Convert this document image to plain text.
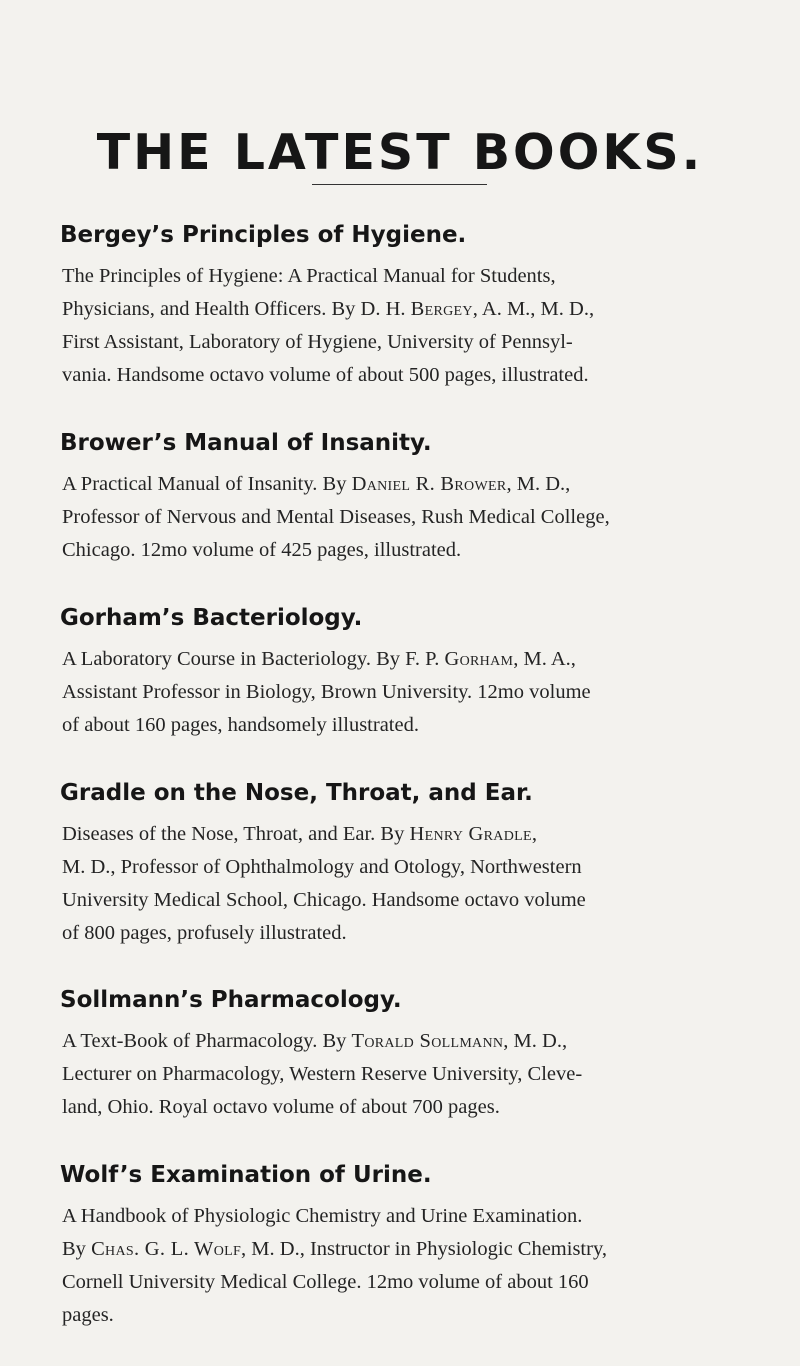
THE LATEST BOOKS.
Bergey’s Principles of Hygiene.

The Principles of Hygiene: A Practical Manual for Students,
Physicians, and Health Officers. By D. H. Bergey, A. M., M. D.,
First Assistant, Laboratory of Hygiene, University of Pennsyl-
vania. Handsome octavo volume of about 500 pages, illustrated.

Brower’s Manual of Insanity.

A Practical Manual of Insanity. By Daniel R. Brower, M. D.,
Professor of Nervous and Mental Diseases, Rush Medical College,
Chicago. 12mo volume of 425 pages, illustrated.

Gorham’s Bacteriology.

A Laboratory Course in Bacteriology. By F. P. Gorham, M. A.,
Assistant Professor in Biology, Brown University. 12mo volume
of about 160 pages, handsomely illustrated.

Gradle on the Nose, Throat, and Ear.

Diseases of the Nose, Throat, and Ear. By Henry Gradle,
M. D., Professor of Ophthalmology and Otology, Northwestern
University Medical School, Chicago. Handsome octavo volume
of 800 pages, profusely illustrated.

Sollmann’s Pharmacology.

A Text-Book of Pharmacology. By Torald Sollmann, M. D.,
Lecturer on Pharmacology, Western Reserve University, Cleve-
land, Ohio. Royal octavo volume of about 700 pages.

Wolf’s Examination of Urine.

A Handbook of Physiologic Chemistry and Urine Examination.
By Chas. G. L. Wolf, M. D., Instructor in Physiologic Chemistry,
Cornell University Medical College. 12mo volume of about 160
pages.
